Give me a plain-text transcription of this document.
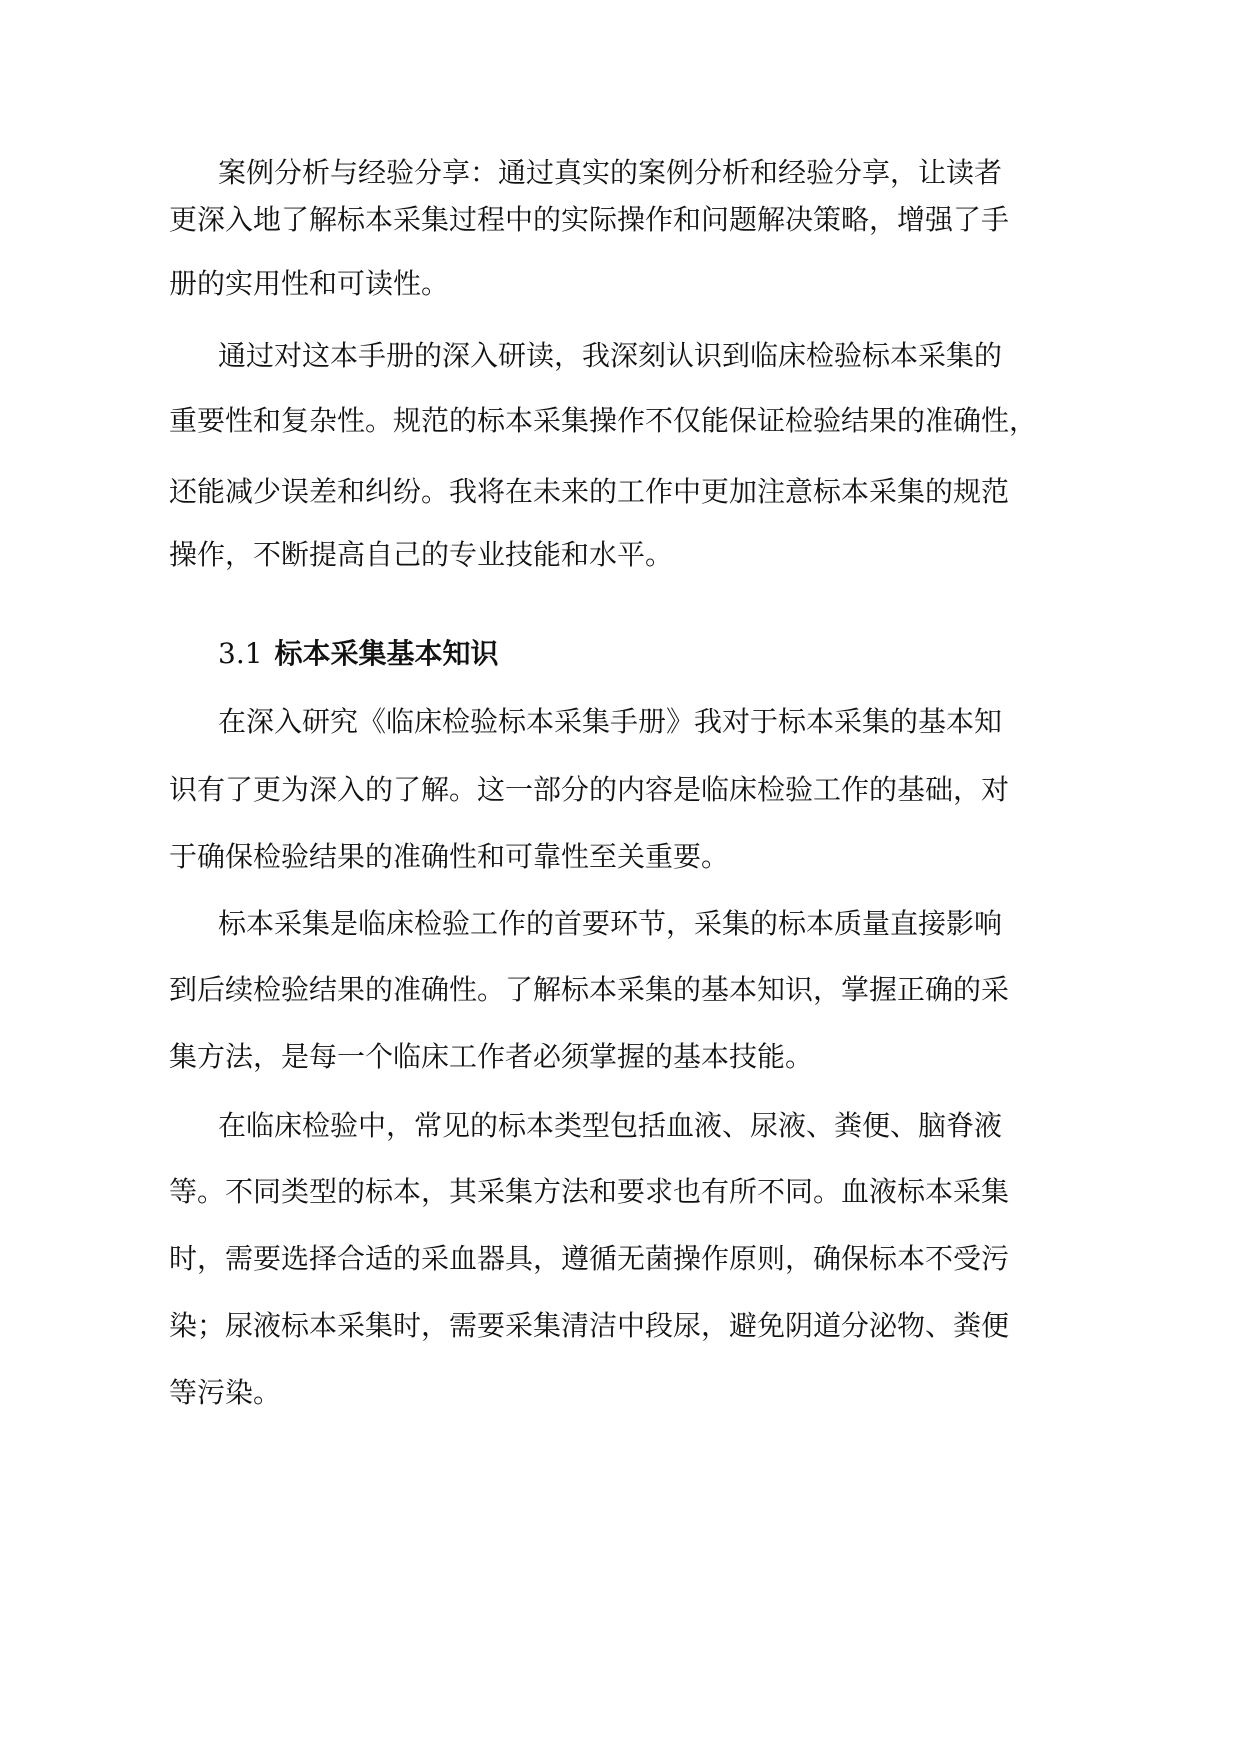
案例分析与经验分享：通过真实的案例分析和经验分享，让读者
更深入地了解标本采集过程中的实际操作和问题解决策略，增强了手
册的实用性和可读性。
通过对这本手册的深入研读，我深刻认识到临床检验标本采集的
重要性和复杂性。规范的标本采集操作不仅能保证检验结果的准确性，
还能减少误差和纠纷。我将在未来的工作中更加注意标本采集的规范
操作，不断提高自己的专业技能和水平。
3.1 标本采集基本知识
在深入研究《临床检验标本采集手册》我对于标本采集的基本知
识有了更为深入的了解。这一部分的内容是临床检验工作的基础，对
于确保检验结果的准确性和可靠性至关重要。
标本采集是临床检验工作的首要环节，采集的标本质量直接影响
到后续检验结果的准确性。了解标本采集的基本知识，掌握正确的采
集方法，是每一个临床工作者必须掌握的基本技能。
在临床检验中，常见的标本类型包括血液、尿液、粪便、脑脊液
等。不同类型的标本，其采集方法和要求也有所不同。血液标本采集
时，需要选择合适的采血器具，遵循无菌操作原则，确保标本不受污
染；尿液标本采集时，需要采集清洁中段尿，避免阴道分泌物、粪便
等污染。
